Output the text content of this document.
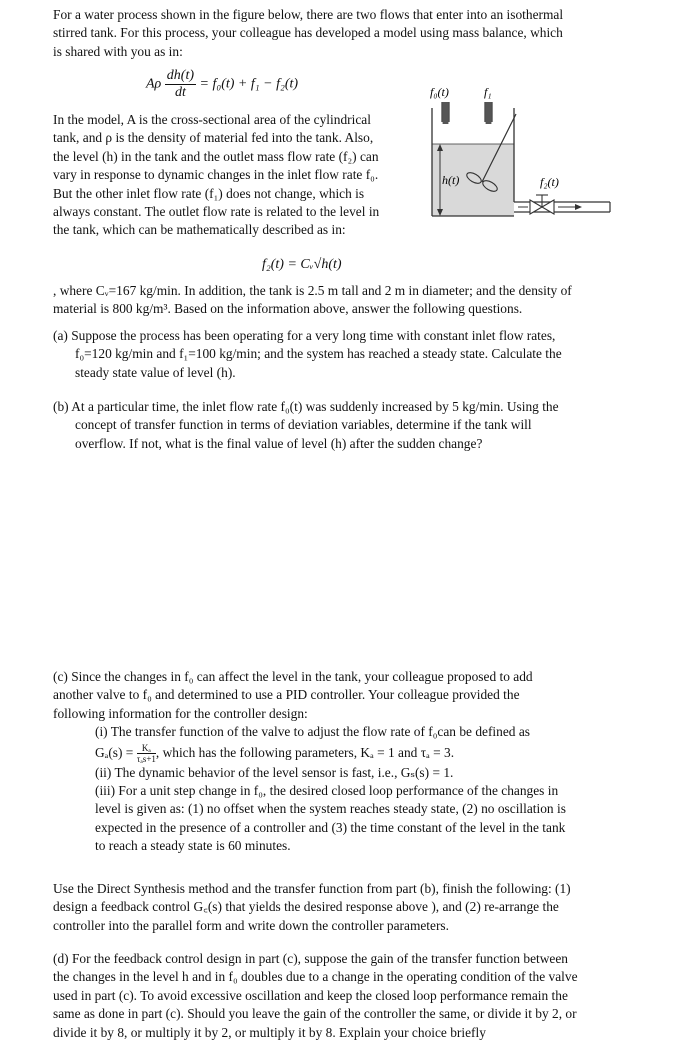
For a water process shown in the figure below, there are two flows that enter into an isothermal
stirred tank. For this process, your colleague has developed a model using mass balance, which
is shared with you as in:
Aρ $\frac{dh(t)}{dt} = f_0(t) + f_1 - f_2(t)$
In the model, A is the cross-sectional area of the cylindrical
tank, and ρ is the density of material fed into the tank. Also,
the level (h) in the tank and the outlet mass flow rate (f₂) can
vary in response to dynamic changes in the inlet flow rate f₀.
But the other inlet flow rate (f₁) does not change, which is
always constant. The outlet flow rate is related to the level in
the tank, which can be mathematically described as in:
f₀(t)	f₁
h(t)	f₂(t)
f₂(t) = Cᵥ√h(t)
, where Cᵥ=167 kg/min. In addition, the tank is 2.5 m tall and 2 m in diameter; and the density of
material is 800 kg/m³. Based on the information above, answer the following questions.
(a) Suppose the process has been operating for a very long time with constant inlet flow rates,
f₀=120 kg/min and f₁=100 kg/min; and the system has reached a steady state. Calculate the
steady state value of level (h).
(b) At a particular time, the inlet flow rate f₀(t) was suddenly increased by 5 kg/min. Using the
concept of transfer function in terms of deviation variables, determine if the tank will
overflow. If not, what is the final value of level (h) after the sudden change?
(c) Since the changes in f₀ can affect the level in the tank, your colleague proposed to add
another valve to f₀ and determined to use a PID controller. Your colleague provided the
following information for the controller design:
(i) The transfer function of the valve to adjust the flow rate of f₀can be defined as
$G_a(s) = \frac{\text{Kₐ}}{\text{τₐs+1}}$, which has the following parameters, Kₐ = 1 and τₐ = 3.
(ii) The dynamic behavior of the level sensor is fast, i.e., Gₛ(s) = 1.
(iii) For a unit step change in f₀, the desired closed loop performance of the changes in
level is given as: (1) no offset when the system reaches steady state, (2) no oscillation is
expected in the presence of a controller and (3) the time constant of the level in the tank
to reach a steady state is 60 minutes.
Use the Direct Synthesis method and the transfer function from part (b), finish the following: (1)
design a feedback control G꜀(s) that yields the desired response above ), and (2) re-arrange the
controller into the parallel form and write down the controller parameters.
(d) For the feedback control design in part (c), suppose the gain of the transfer function between
the changes in the level h and in f₀ doubles due to a change in the operating condition of the valve
used in part (c). To avoid excessive oscillation and keep the closed loop performance remain the
same as done in part (c). Should you leave the gain of the controller the same, or divide it by 2, or
divide it by 8, or multiply it by 2, or multiply it by 8. Explain your choice briefly
